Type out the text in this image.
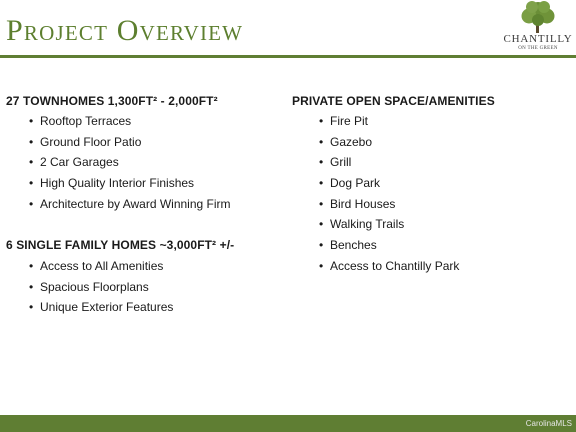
Project Overview	CHANTILLY
ON THE GREEN
27 TOWNHOMES 1,300FT² - 2,000FT²
• Rooftop Terraces
• Ground Floor Patio
• 2 Car Garages
• High Quality Interior Finishes
• Architecture by Award Winning Firm
6 SINGLE FAMILY HOMES ~3,000FT² +/-
• Access to All Amenities
• Spacious Floorplans
• Unique Exterior Features
PRIVATE OPEN SPACE/AMENITIES
• Fire Pit
• Gazebo
• Grill
• Dog Park
• Bird Houses
• Walking Trails
• Benches
• Access to Chantilly Park
CarolinaMLS
